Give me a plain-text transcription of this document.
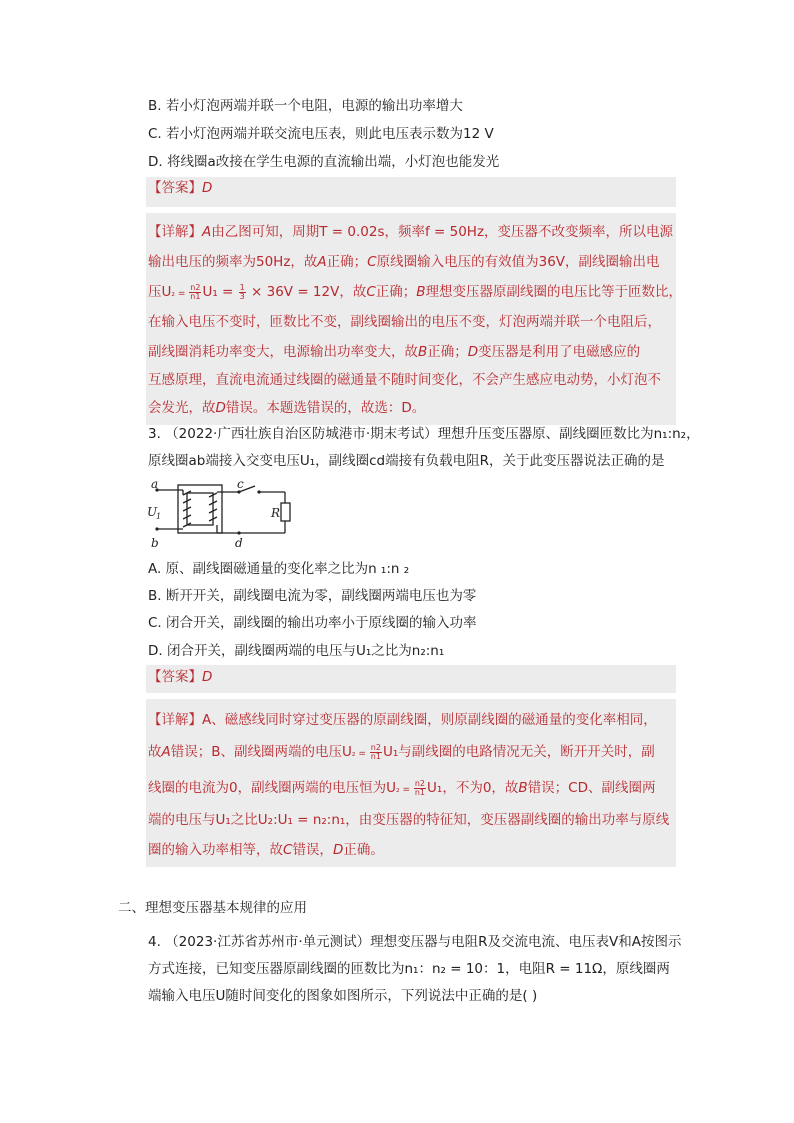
B. 若小灯泡两端并联一个电阻，电源的输出功率增大
C. 若小灯泡两端并联交流电压表，则此电压表示数为12 V
D. 将线圈a改接在学生电源的直流输出端，小灯泡也能发光
【答案】D
【详解】A由乙图可知，周期T = 0.02s，频率f = 50Hz，变压器不改变频率，所以电源
输出电压的频率为50Hz，故A正确；C原线圈输入电压的有效值为36V，副线圈输出电
压$U_2 = \frac{n2}{n1} U_1 = \frac{1}{3} \times 36V = 12V$，故C正确；B理想变压器原副线圈的电压比等于匝数比，
在输入电压不变时，匝数比不变，副线圈输出的电压不变，灯泡两端并联一个电阻后，
副线圈消耗功率变大，电源输出功率变大，故B正确；D变压器是利用了电磁感应的
互感原理，直流电流通过线圈的磁通量不随时间变化，不会产生感应电动势，小灯泡不
会发光，故D错误。本题选错误的，故选：D。
3. （2022·广西壮族自治区防城港市·期末考试）理想升压变压器原、副线圈匝数比为n₁:n₂，
原线圈ab端接入交变电压U₁，副线圈cd端接有负载电阻R，关于此变压器说法正确的是
a
b
c
d
U
1	R
A. 原、副线圈磁通量的变化率之比为n ₁:n ₂
B. 断开开关，副线圈电流为零，副线圈两端电压也为零
C. 闭合开关，副线圈的输出功率小于原线圈的输入功率
D. 闭合开关，副线圈两端的电压与U₁之比为n₂:n₁
【答案】D
【详解】A、磁感线同时穿过变压器的原副线圈，则原副线圈的磁通量的变化率相同，
故A错误；B、副线圈两端的电压$U_2 = \frac{n2}{n1} U_1$与副线圈的电路情况无关，断开开关时，副
线圈的电流为0，副线圈两端的电压恒为$U_2 = \frac{n2}{n1} U_1$，不为0，故B错误；CD、副线圈两
端的电压与U₁之比U₂:U₁ = n₂:n₁，由变压器的特征知，变压器副线圈的输出功率与原线
圈的输入功率相等，故C错误，D正确。
二、理想变压器基本规律的应用
4. （2023·江苏省苏州市·单元测试）理想变压器与电阻R及交流电流、电压表V和A按图示
方式连接，已知变压器原副线圈的匝数比为n₁：n₂ = 10：1，电阻R = 11Ω，原线圈两
端输入电压U随时间变化的图象如图所示，下列说法中正确的是( )
